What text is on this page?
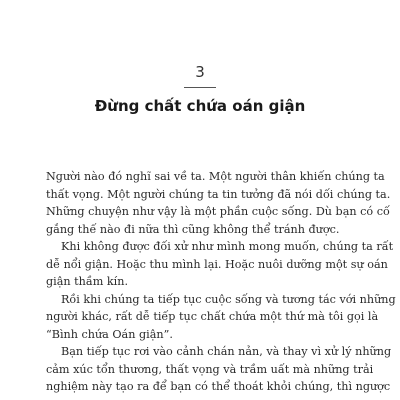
3
Đừng chất chứa oán giận
Người nào đó nghĩ sai về ta. Một người thân khiến chúng ta
thất vọng. Một người chúng ta tin tưởng đã nói dối chúng ta.
Những chuyện như vậy là một phần cuộc sống. Dù bạn có cố
gắng thế nào đi nữa thì cũng không thể tránh được.
Khi không được đối xử như mình mong muốn, chúng ta rất
dễ nổi giận. Hoặc thu mình lại. Hoặc nuôi dưỡng một sự oán
giận thầm kín.
Rồi khi chúng ta tiếp tục cuộc sống và tương tác với những
người khác, rất dễ tiếp tục chất chứa một thứ mà tôi gọi là
“Bình chứa Oán giận”.
Bạn tiếp tục rơi vào cảnh chán nản, và thay vì xử lý những
cảm xúc tổn thương, thất vọng và trầm uất mà những trải
nghiệm này tạo ra để bạn có thể thoát khỏi chúng, thì ngược
